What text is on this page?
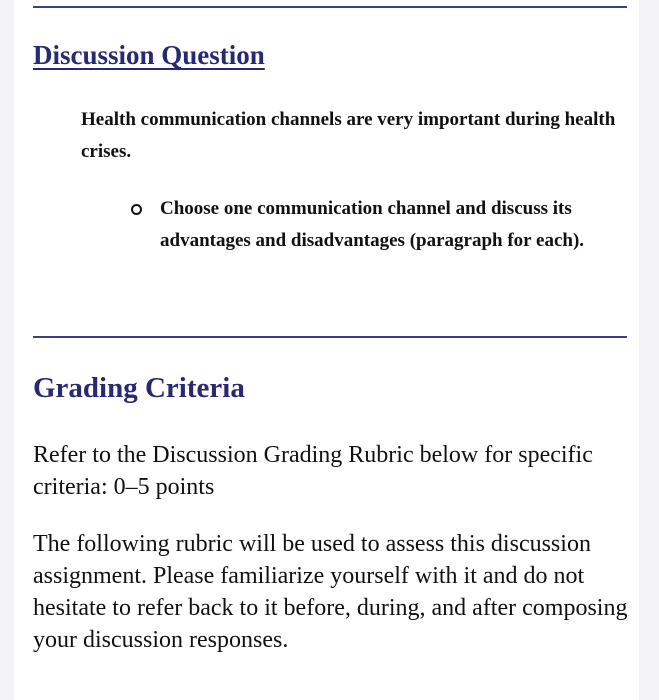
Discussion Question

Health communication channels are very important during health crises.

Choose one communication channel and discuss its advantages and disadvantages (paragraph for each).
Grading Criteria

Refer to the Discussion Grading Rubric below for specific criteria: 0–5 points

The following rubric will be used to assess this discussion assignment. Please familiarize yourself with it and do not hesitate to refer back to it before, during, and after composing your discussion responses.
